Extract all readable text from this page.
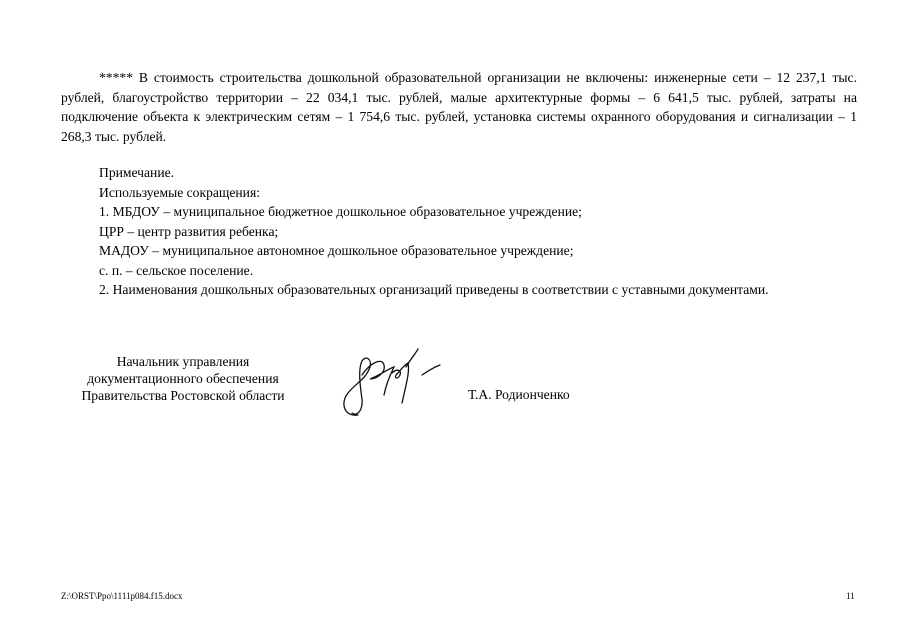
***** В стоимость строительства дошкольной образовательной организации не включены: инженерные сети – 12 237,1 тыс. рублей, благоустройство территории – 22 034,1 тыс. рублей, малые архитектурные формы – 6 641,5 тыс. рублей, затраты на подключение объекта к электрическим сетям – 1 754,6 тыс. рублей, установка системы охранного оборудования и сигнализации – 1 268,3 тыс. рублей.
Примечание.
Используемые сокращения:
1. МБДОУ – муниципальное бюджетное дошкольное образовательное учреждение;
ЦРР – центр развития ребенка;
МАДОУ – муниципальное автономное дошкольное образовательное учреждение;
с. п. – сельское поселение.
2. Наименования дошкольных образовательных организаций приведены в соответствии с уставными документами.
Начальник управления
документационного обеспечения
Правительства Ростовской области	Т.А. Родионченко
Z:\ORST\Ppo\1111p084.f15.docx	11
